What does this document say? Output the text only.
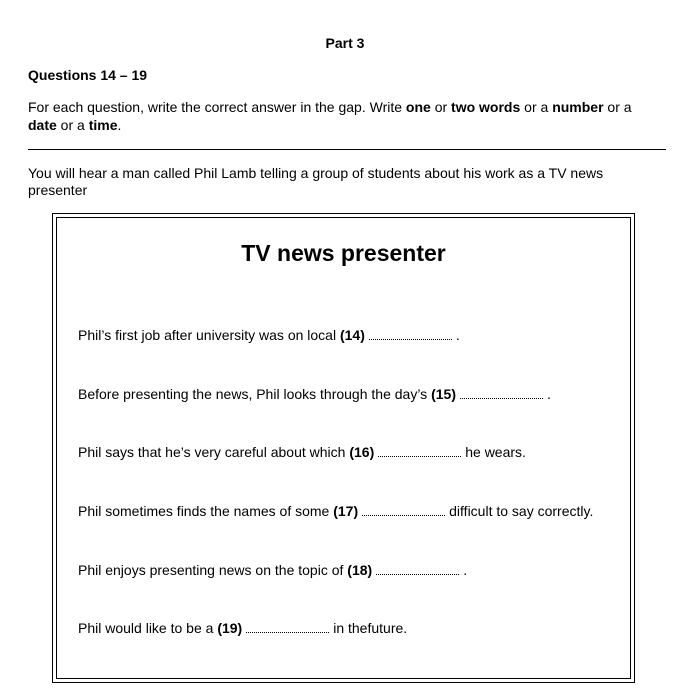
Part 3
Questions 14 – 19
For each question, write the correct answer in the gap. Write one or two words or a number or a
date or a time.
You will hear a man called Phil Lamb telling a group of students about his work as a TV news presenter
TV news presenter
Phil’s first job after university was on local (14)	.
Before presenting the news, Phil looks through the day’s (15)	.
Phil says that he’s very careful about which (16)	he wears.
Phil sometimes finds the names of some (17)	difficult to say correctly.
Phil enjoys presenting news on the topic of (18)	.
Phil would like to be a (19)	in thefuture.
